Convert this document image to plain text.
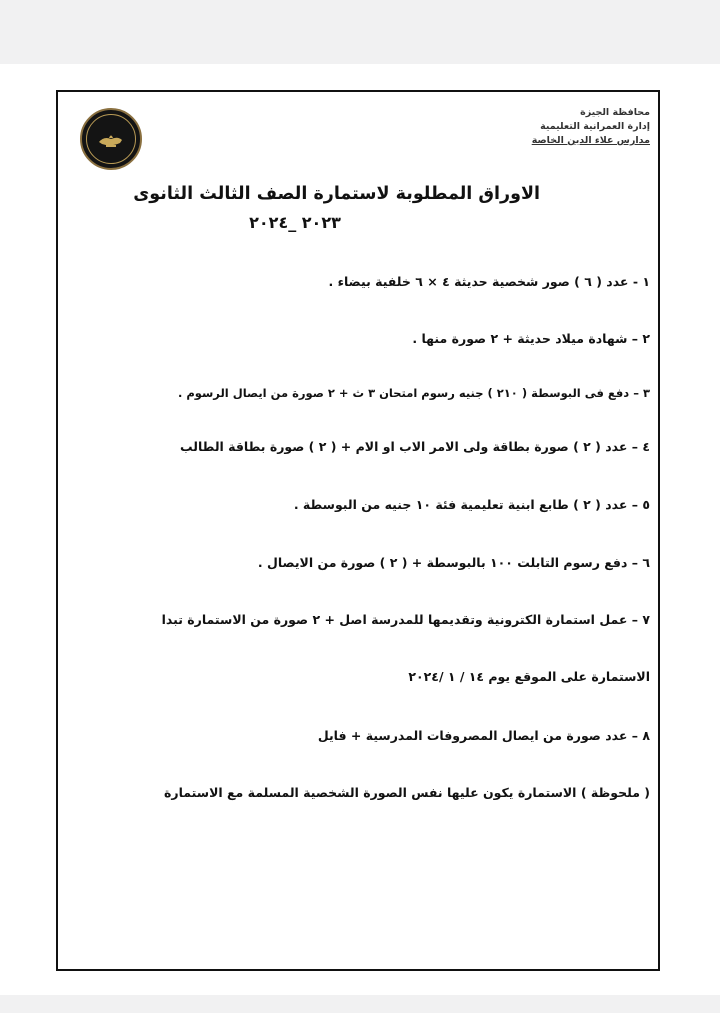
محافظة الجيزة
إدارة العمرانية التعليمية
مدارس علاء الدين الخاصة
الاوراق المطلوبة لاستمارة الصف الثالث الثانوى
٢٠٢٣ _٢٠٢٤
١ - عدد ( ٦ ) صور شخصية حديثة ٤ × ٦ خلفية بيضاء .
٢ – شهادة ميلاد حديثة + ٢ صورة منها .
٣ – دفع فى البوسطة ( ٢١٠ ) جنيه رسوم امتحان ٣ ث + ٢ صورة من ايصال الرسوم .
٤ – عدد ( ٢ ) صورة بطاقة ولى الامر الاب او الام + ( ٢ ) صورة بطاقة الطالب
٥ – عدد ( ٢ ) طابع ابنية تعليمية فئة ١٠ جنيه من البوسطة .
٦ – دفع رسوم التابلت ١٠٠ بالبوسطة + ( ٢ ) صورة من الايصال .
٧ – عمل استمارة الكترونية وتقديمها للمدرسة اصل + ٢ صورة من الاستمارة تبدا
الاستمارة على الموقع يوم ١٤ / ١ /٢٠٢٤
٨ – عدد صورة من ايصال المصروفات المدرسية + فايل
( ملحوظة ) الاستمارة يكون عليها نفس الصورة الشخصية المسلمة مع الاستمارة
